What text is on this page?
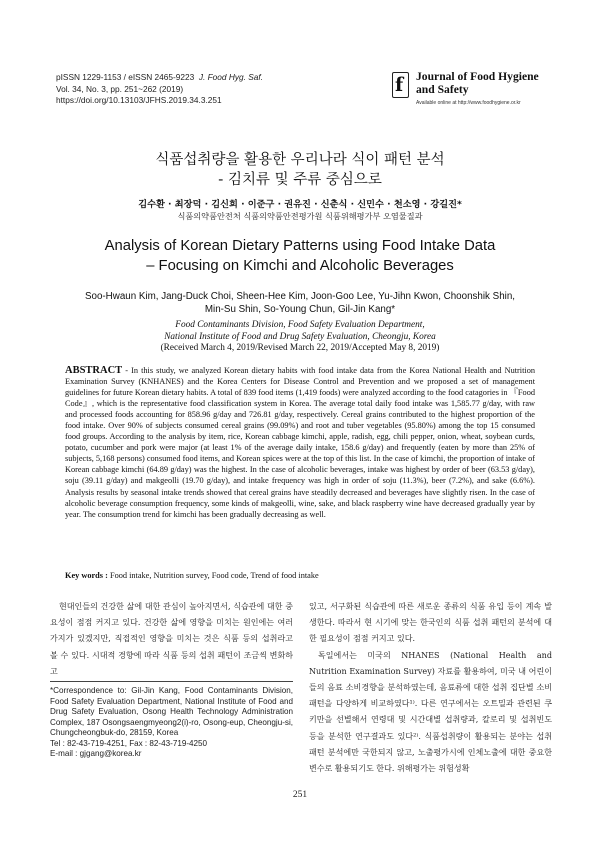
pISSN 1229-1153 / eISSN 2465-9223 J. Food Hyg. Saf.
Vol. 34, No. 3, pp. 251~262 (2019)
https://doi.org/10.13103/JFHS.2019.34.3.251
f Journal of Food Hygiene
and Safety
Available online at http://www.foodhygiene.or.kr
식품섭취량을 활용한 우리나라 식이 패턴 분석
- 김치류 및 주류 중심으로
김수환 · 최장덕 · 김신희 · 이준구 · 권유진 · 신춘식 · 신민수 · 천소영 · 강길진*
식품의약품안전처 식품의약품안전평가원 식품위해평가부 오염물질과
Analysis of Korean Dietary Patterns using Food Intake Data
– Focusing on Kimchi and Alcoholic Beverages
Soo-Hwaun Kim, Jang-Duck Choi, Sheen-Hee Kim, Joon-Goo Lee, Yu-Jihn Kwon, Choonshik Shin,
Min-Su Shin, So-Young Chun, Gil-Jin Kang*
Food Contaminants Division, Food Safety Evaluation Department,
National Institute of Food and Drug Safety Evaluation, Cheongju, Korea
(Received March 4, 2019/Revised March 22, 2019/Accepted May 8, 2019)
ABSTRACT - In this study, we analyzed Korean dietary habits with food intake data from the Korea National Health and Nutrition Examination Survey (KNHANES) and the Korea Centers for Disease Control and Prevention and we proposed a set of management guidelines for future Korean dietary habits. A total of 839 food items (1,419 foods) were analyzed according to the food catagories in 『Food Code』, which is the representative food classification system in Korea. The average total daily food intake was 1,585.77 g/day, with raw and processed foods accounting for 858.96 g/day and 726.81 g/day, respectively. Cereal grains contributed to the highest proportion of the food intake. Over 90% of subjects consumed cereal grains (99.09%) and root and tuber vegetables (95.80%) among the top 15 consumed food groups. According to the analysis by item, rice, Korean cabbage kimchi, apple, radish, egg, chili pepper, onion, wheat, soybean curds, potato, cucumber and pork were major (at least 1% of the average daily intake, 158.6 g/day) and frequently (eaten by more than 25% of subjects, 5,168 persons) consumed food items, and Korean spices were at the top of this list. In the case of kimchi, the proportion of intake of Korean cabbage kimchi (64.89 g/day) was the highest. In the case of alcoholic beverages, intake was highest by order of beer (63.53 g/day), soju (39.11 g/day) and makgeolli (19.70 g/day), and intake frequency was high in order of soju (11.3%), beer (7.2%), and sake (6.6%). Analysis results by seasonal intake trends showed that cereal grains have steadily decreased and beverages have slightly risen. In the case of alcoholic beverage consumption frequency, some kinds of makgeolli, wine, sake, and black raspberry wine have decreased gradually year by year. The consumption trend for kimchi has been gradually decreasing as well.
Key words : Food intake, Nutrition survey, Food code, Trend of food intake

현대인들의 건강한 삶에 대한 관심이 높아지면서, 식습관에 대한 중요성이 점점 커지고 있다. 건강한 삶에 영향을 미치는 원인에는 여러 가지가 있겠지만, 직접적인 영향을 미치는 것은 식품 등의 섭취라고 볼 수 있다. 시대적 경향에 따라 식품 등의 섭취 패턴이 조금씩 변화하고

*Correspondence to: Gil-Jin Kang, Food Contaminants Division, Food Safety Evaluation Department, National Institute of Food and Drug Safety Evaluation, Osong Health Technology Administration Complex, 187 Osongsaengmyeong2(i)-ro, Osong-eup, Cheongju-si, Chungcheongbuk-do, 28159, Korea
Tel : 82-43-719-4251, Fax : 82-43-719-4250
E-mail : gjgang@korea.kr

있고, 서구화된 식습관에 따른 새로운 종류의 식품 유입 등이 계속 발생한다. 따라서 현 시기에 맞는 한국인의 식품 섭취 패턴의 분석에 대한 필요성이 점점 커지고 있다.

독일에서는 미국의 NHANES (National Health and Nutrition Examination Survey) 자료를 활용하여, 미국 내 어린이들의 음료 소비경향을 분석하였는데, 음료류에 대한 섭취 집단별 소비 패턴을 다양하게 비교하였다¹⁾. 다른 연구에서는 오트밀과 관련된 쿠키만을 선별해서 연령대 및 시간대별 섭취량과, 칼로리 및 섭취빈도 등을 분석한 연구결과도 있다²⁾. 식품섭취량이 활용되는 분야는 섭취패턴 분석에만 국한되지 않고, 노출평가시에 인체노출에 대한 중요한 변수로 활용되기도 한다. 위해평가는 위험성확

251
